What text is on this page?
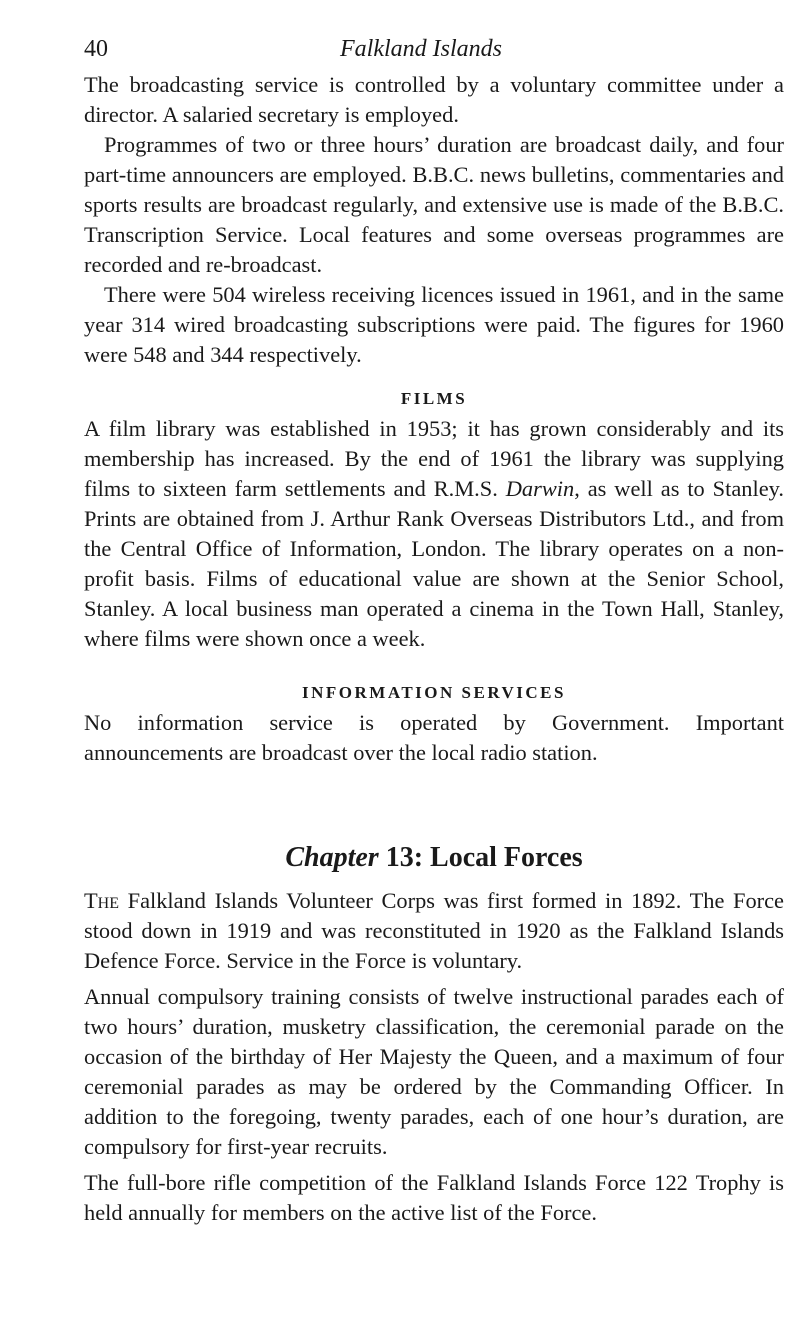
40	Falkland Islands

The broadcasting service is controlled by a voluntary committee under a director. A salaried secretary is employed.

Programmes of two or three hours’ duration are broadcast daily, and four part-time announcers are employed. B.B.C. news bulletins, commentaries and sports results are broadcast regularly, and extensive use is made of the B.B.C. Transcription Service. Local features and some overseas programmes are recorded and re-broadcast.

There were 504 wireless receiving licences issued in 1961, and in the same year 314 wired broadcasting subscriptions were paid. The figures for 1960 were 548 and 344 respectively.

FILMS

A film library was established in 1953; it has grown considerably and its membership has increased. By the end of 1961 the library was supplying films to sixteen farm settlements and R.M.S. Darwin, as well as to Stanley. Prints are obtained from J. Arthur Rank Overseas Distributors Ltd., and from the Central Office of Information, London. The library operates on a non-profit basis. Films of educational value are shown at the Senior School, Stanley. A local business man operated a cinema in the Town Hall, Stanley, where films were shown once a week.

INFORMATION SERVICES

No information service is operated by Government. Important announcements are broadcast over the local radio station.

Chapter 13: Local Forces

The Falkland Islands Volunteer Corps was first formed in 1892. The Force stood down in 1919 and was reconstituted in 1920 as the Falkland Islands Defence Force. Service in the Force is voluntary.

Annual compulsory training consists of twelve instructional parades each of two hours’ duration, musketry classification, the ceremonial parade on the occasion of the birthday of Her Majesty the Queen, and a maximum of four ceremonial parades as may be ordered by the Commanding Officer. In addition to the foregoing, twenty parades, each of one hour’s duration, are compulsory for first-year recruits.

The full-bore rifle competition of the Falkland Islands Force 122 Trophy is held annually for members on the active list of the Force.
